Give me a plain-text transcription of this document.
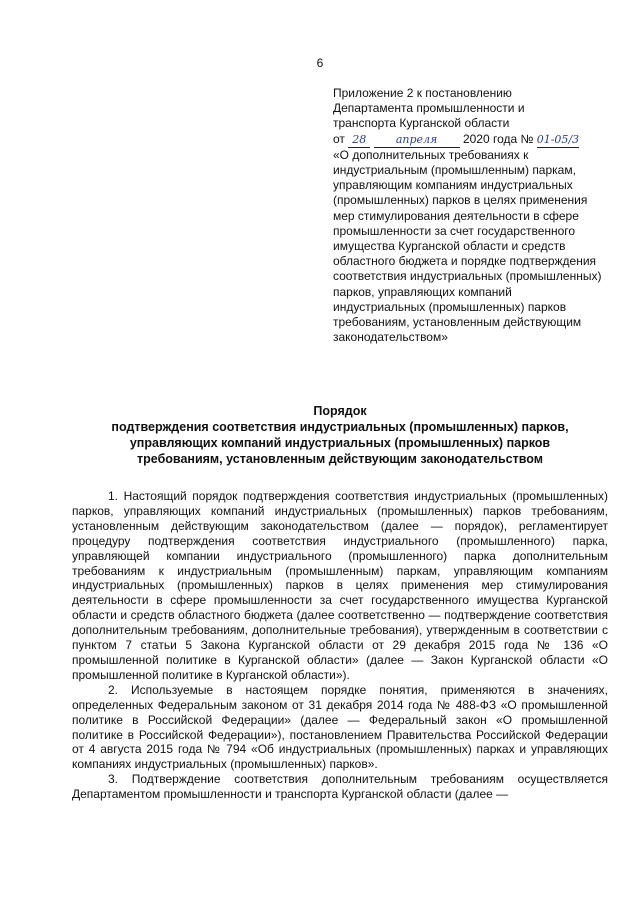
6
Приложение 2 к постановлению
Департамента промышленности и
транспорта Курганской области
от 28	апреля 2020 года № 01-05/3
«О дополнительных требованиях к индустриальным (промышленным) паркам, управляющим компаниям индустриальных (промышленных) парков в целях применения мер стимулирования деятельности в сфере промышленности за счет государственного имущества Курганской области и средств областного бюджета и порядке подтверждения соответствия индустриальных (промышленных) парков, управляющих компаний индустриальных (промышленных) парков требованиям, установленным действующим законодательством»
Порядок
подтверждения соответствия индустриальных (промышленных) парков,
управляющих компаний индустриальных (промышленных) парков
требованиям, установленным действующим законодательством

1. Настоящий порядок подтверждения соответствия индустриальных (промышленных) парков, управляющих компаний индустриальных (промышленных) парков требованиям, установленным действующим законодательством (далее — порядок), регламентирует процедуру подтверждения соответствия индустриального (промышленного) парка, управляющей компании индустриального (промышленного) парка дополнительным требованиям к индустриальным (промышленным) паркам, управляющим компаниям индустриальных (промышленных) парков в целях применения мер стимулирования деятельности в сфере промышленности за счет государственного имущества Курганской области и средств областного бюджета (далее соответственно — подтверждение соответствия дополнительным требованиям, дополнительные требования), утвержденным в соответствии с пунктом 7 статьи 5 Закона Курганской области от 29 декабря 2015 года № 136 «О промышленной политике в Курганской области» (далее — Закон Курганской области «О промышленной политике в Курганской области»).

2. Используемые в настоящем порядке понятия, применяются в значениях, определенных Федеральным законом от 31 декабря 2014 года № 488-ФЗ «О промышленной политике в Российской Федерации» (далее — Федеральный закон «О промышленной политике в Российской Федерации»), постановлением Правительства Российской Федерации от 4 августа 2015 года № 794 «Об индустриальных (промышленных) парках и управляющих компаниях индустриальных (промышленных) парков».

3. Подтверждение соответствия дополнительным требованиям осуществляется Департаментом промышленности и транспорта Курганской области (далее —
